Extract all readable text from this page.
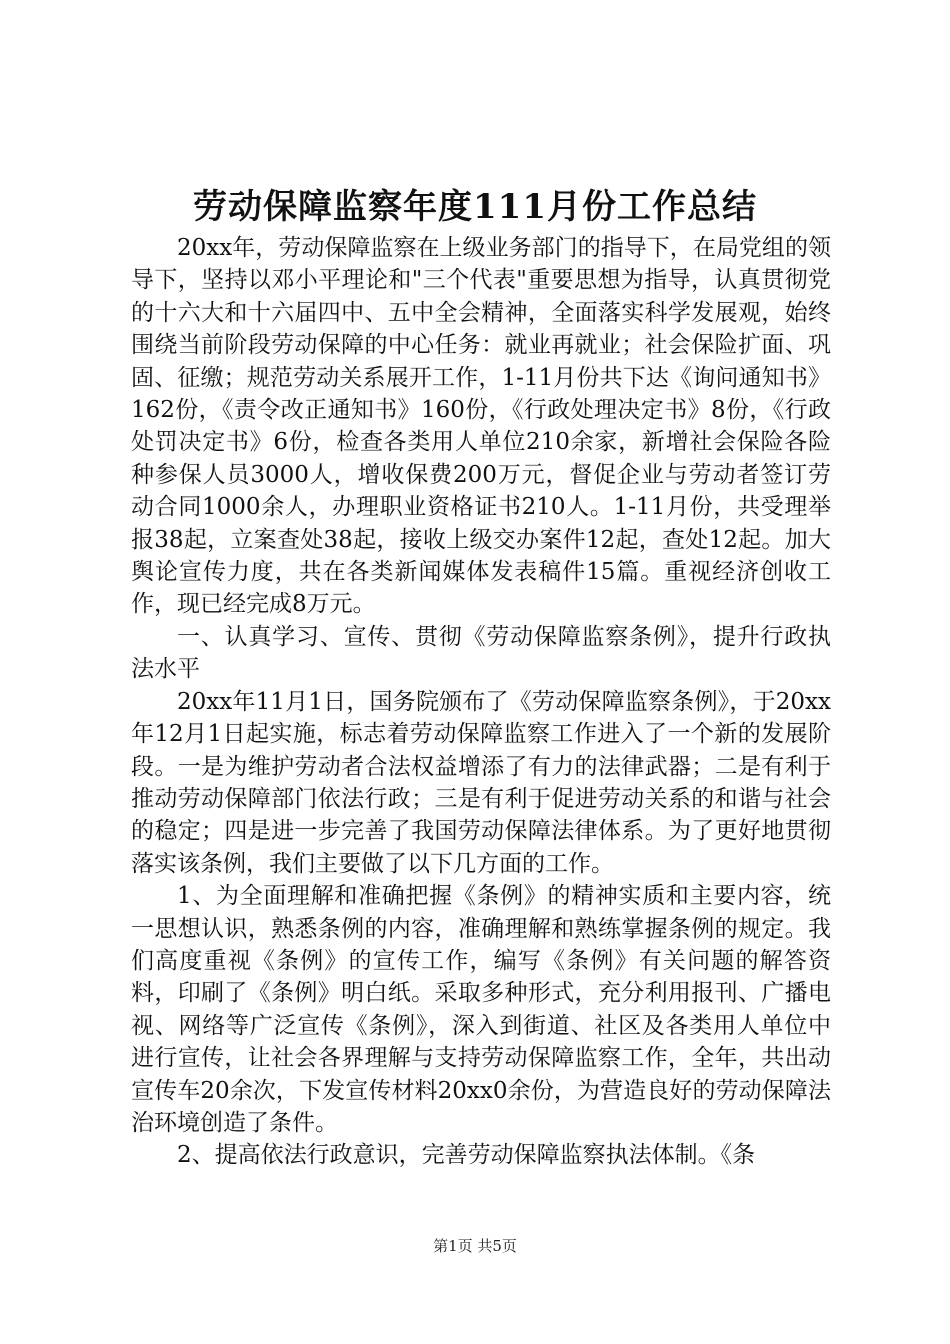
劳动保障监察年度111月份工作总结

20xx年，劳动保障监察在上级业务部门的指导下，在局党组的领导下，坚持以邓小平理论和"三个代表"重要思想为指导，认真贯彻党的十六大和十六届四中、五中全会精神，全面落实科学发展观，始终围绕当前阶段劳动保障的中心任务：就业再就业；社会保险扩面、巩固、征缴；规范劳动关系展开工作，1-11月份共下达《询问通知书》162份，《责令改正通知书》160份，《行政处理决定书》8份，《行政处罚决定书》6份，检查各类用人单位210余家，新增社会保险各险种参保人员3000人，增收保费200万元，督促企业与劳动者签订劳动合同1000余人，办理职业资格证书210人。1-11月份，共受理举报38起，立案查处38起，接收上级交办案件12起，查处12起。加大舆论宣传力度，共在各类新闻媒体发表稿件15篇。重视经济创收工作，现已经完成8万元。

一、认真学习、宣传、贯彻《劳动保障监察条例》，提升行政执法水平

20xx年11月1日，国务院颁布了《劳动保障监察条例》，于20xx年12月1日起实施，标志着劳动保障监察工作进入了一个新的发展阶段。一是为维护劳动者合法权益增添了有力的法律武器；二是有利于推动劳动保障部门依法行政；三是有利于促进劳动关系的和谐与社会的稳定；四是进一步完善了我国劳动保障法律体系。为了更好地贯彻落实该条例，我们主要做了以下几方面的工作。

1、为全面理解和准确把握《条例》的精神实质和主要内容，统一思想认识，熟悉条例的内容，准确理解和熟练掌握条例的规定。我们高度重视《条例》的宣传工作，编写《条例》有关问题的解答资料，印刷了《条例》明白纸。采取多种形式，充分利用报刊、广播电视、网络等广泛宣传《条例》，深入到街道、社区及各类用人单位中进行宣传，让社会各界理解与支持劳动保障监察工作，全年，共出动宣传车20余次，下发宣传材料20xx0余份，为营造良好的劳动保障法治环境创造了条件。

2、提高依法行政意识，完善劳动保障监察执法体制。《条

第1页 共5页
